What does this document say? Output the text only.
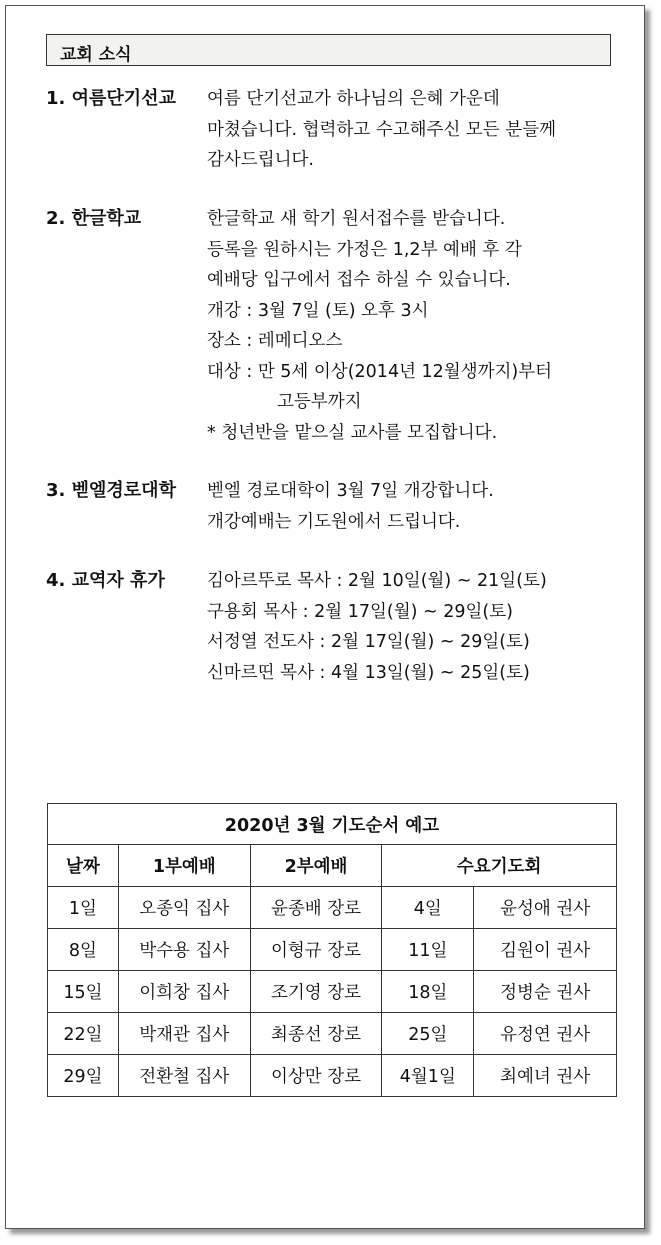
교회 소식
1. 여름단기선교 여름 단기선교가 하나님의 은혜 가운데
마쳤습니다. 협력하고 수고해주신 모든 분들께
감사드립니다.
2. 한글학교	한글학교 새 학기 원서접수를 받습니다.
등록을 원하시는 가정은 1,2부 예배 후 각
예배당 입구에서 접수 하실 수 있습니다.
개강 : 3월 7일 (토) 오후 3시
장소 : 레메디오스
대상 : 만 5세 이상(2014년 12월생까지)부터
고등부까지
* 청년반을 맡으실 교사를 모집합니다.
3. 벧엘경로대학 벧엘 경로대학이 3월 7일 개강합니다.
개강예배는 기도원에서 드립니다.
4. 교역자 휴가 김아르뚜로 목사 : 2월 10일(월) ~ 21일(토)
구용회 목사 : 2월 17일(월) ~ 29일(토)
서정열 전도사 : 2월 17일(월) ~ 29일(토)
신마르띤 목사 : 4월 13일(월) ~ 25일(토)
2020년 3월 기도순서 예고				
날짜	1부예배	2부예배	수요기도회	
1일	오종익 집사	윤종배 장로	4일	윤성애 권사
8일	박수용 집사	이형규 장로	11일	김원이 권사
15일	이희창 집사	조기영 장로	18일	정병순 권사
22일	박재관 집사	최종선 장로	25일	유정연 권사
29일	전환철 집사	이상만 장로	4월1일	최예녀 권사
